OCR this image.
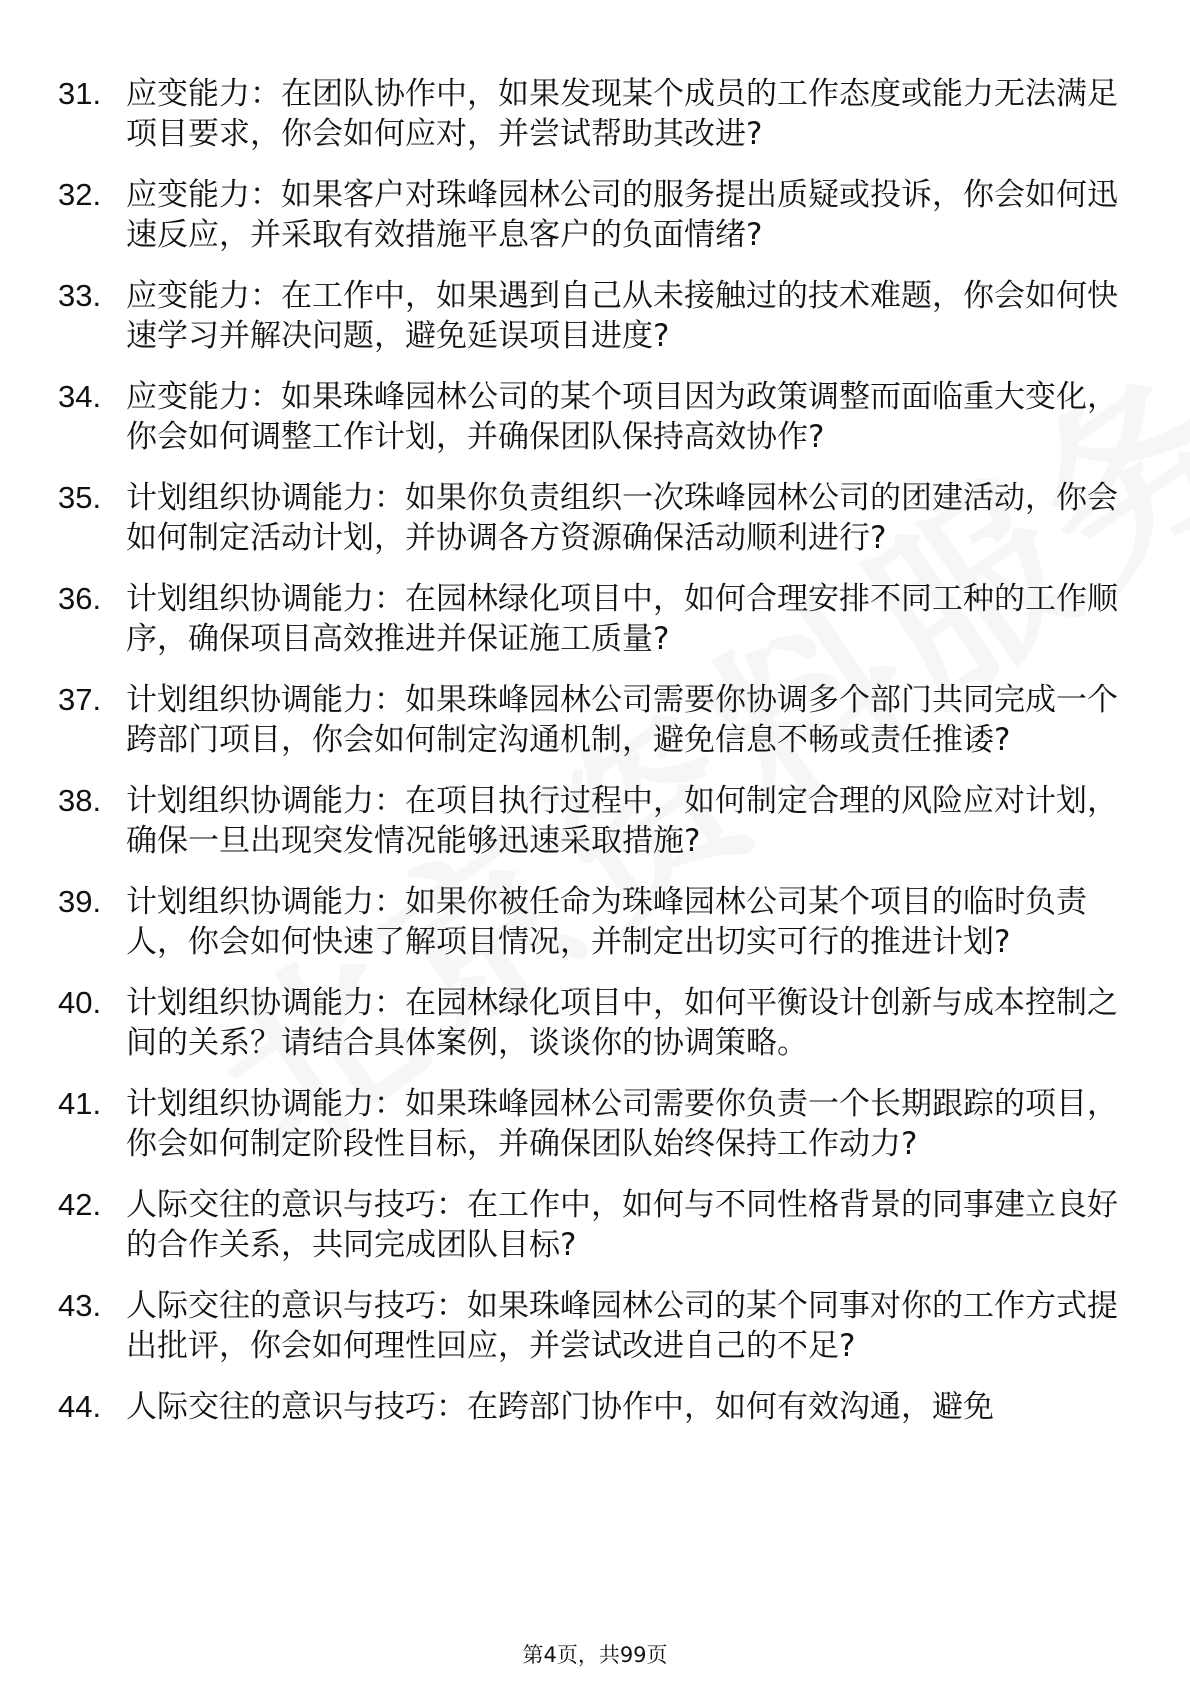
31. 应变能力：在团队协作中，如果发现某个成员的工作态度或能力无法满足项目要求，你会如何应对，并尝试帮助其改进?
32. 应变能力：如果客户对珠峰园林公司的服务提出质疑或投诉，你会如何迅速反应，并采取有效措施平息客户的负面情绪?
33. 应变能力：在工作中，如果遇到自己从未接触过的技术难题，你会如何快速学习并解决问题，避免延误项目进度?
34. 应变能力：如果珠峰园林公司的某个项目因为政策调整而面临重大变化，你会如何调整工作计划，并确保团队保持高效协作?
35. 计划组织协调能力：如果你负责组织一次珠峰园林公司的团建活动，你会如何制定活动计划，并协调各方资源确保活动顺利进行?
36. 计划组织协调能力：在园林绿化项目中，如何合理安排不同工种的工作顺序，确保项目高效推进并保证施工质量?
37. 计划组织协调能力：如果珠峰园林公司需要你协调多个部门共同完成一个跨部门项目，你会如何制定沟通机制，避免信息不畅或责任推诿?
38. 计划组织协调能力：在项目执行过程中，如何制定合理的风险应对计划，确保一旦出现突发情况能够迅速采取措施?
39. 计划组织协调能力：如果你被任命为珠峰园林公司某个项目的临时负责人，你会如何快速了解项目情况，并制定出切实可行的推进计划?
40. 计划组织协调能力：在园林绿化项目中，如何平衡设计创新与成本控制之间的关系？请结合具体案例，谈谈你的协调策略。
41. 计划组织协调能力：如果珠峰园林公司需要你负责一个长期跟踪的项目，你会如何制定阶段性目标，并确保团队始终保持工作动力?
42. 人际交往的意识与技巧：在工作中，如何与不同性格背景的同事建立良好的合作关系，共同完成团队目标?
43. 人际交往的意识与技巧：如果珠峰园林公司的某个同事对你的工作方式提出批评，你会如何理性回应，并尝试改进自己的不足?
44. 人际交往的意识与技巧：在跨部门协作中，如何有效沟通，避免
第4页，共99页
